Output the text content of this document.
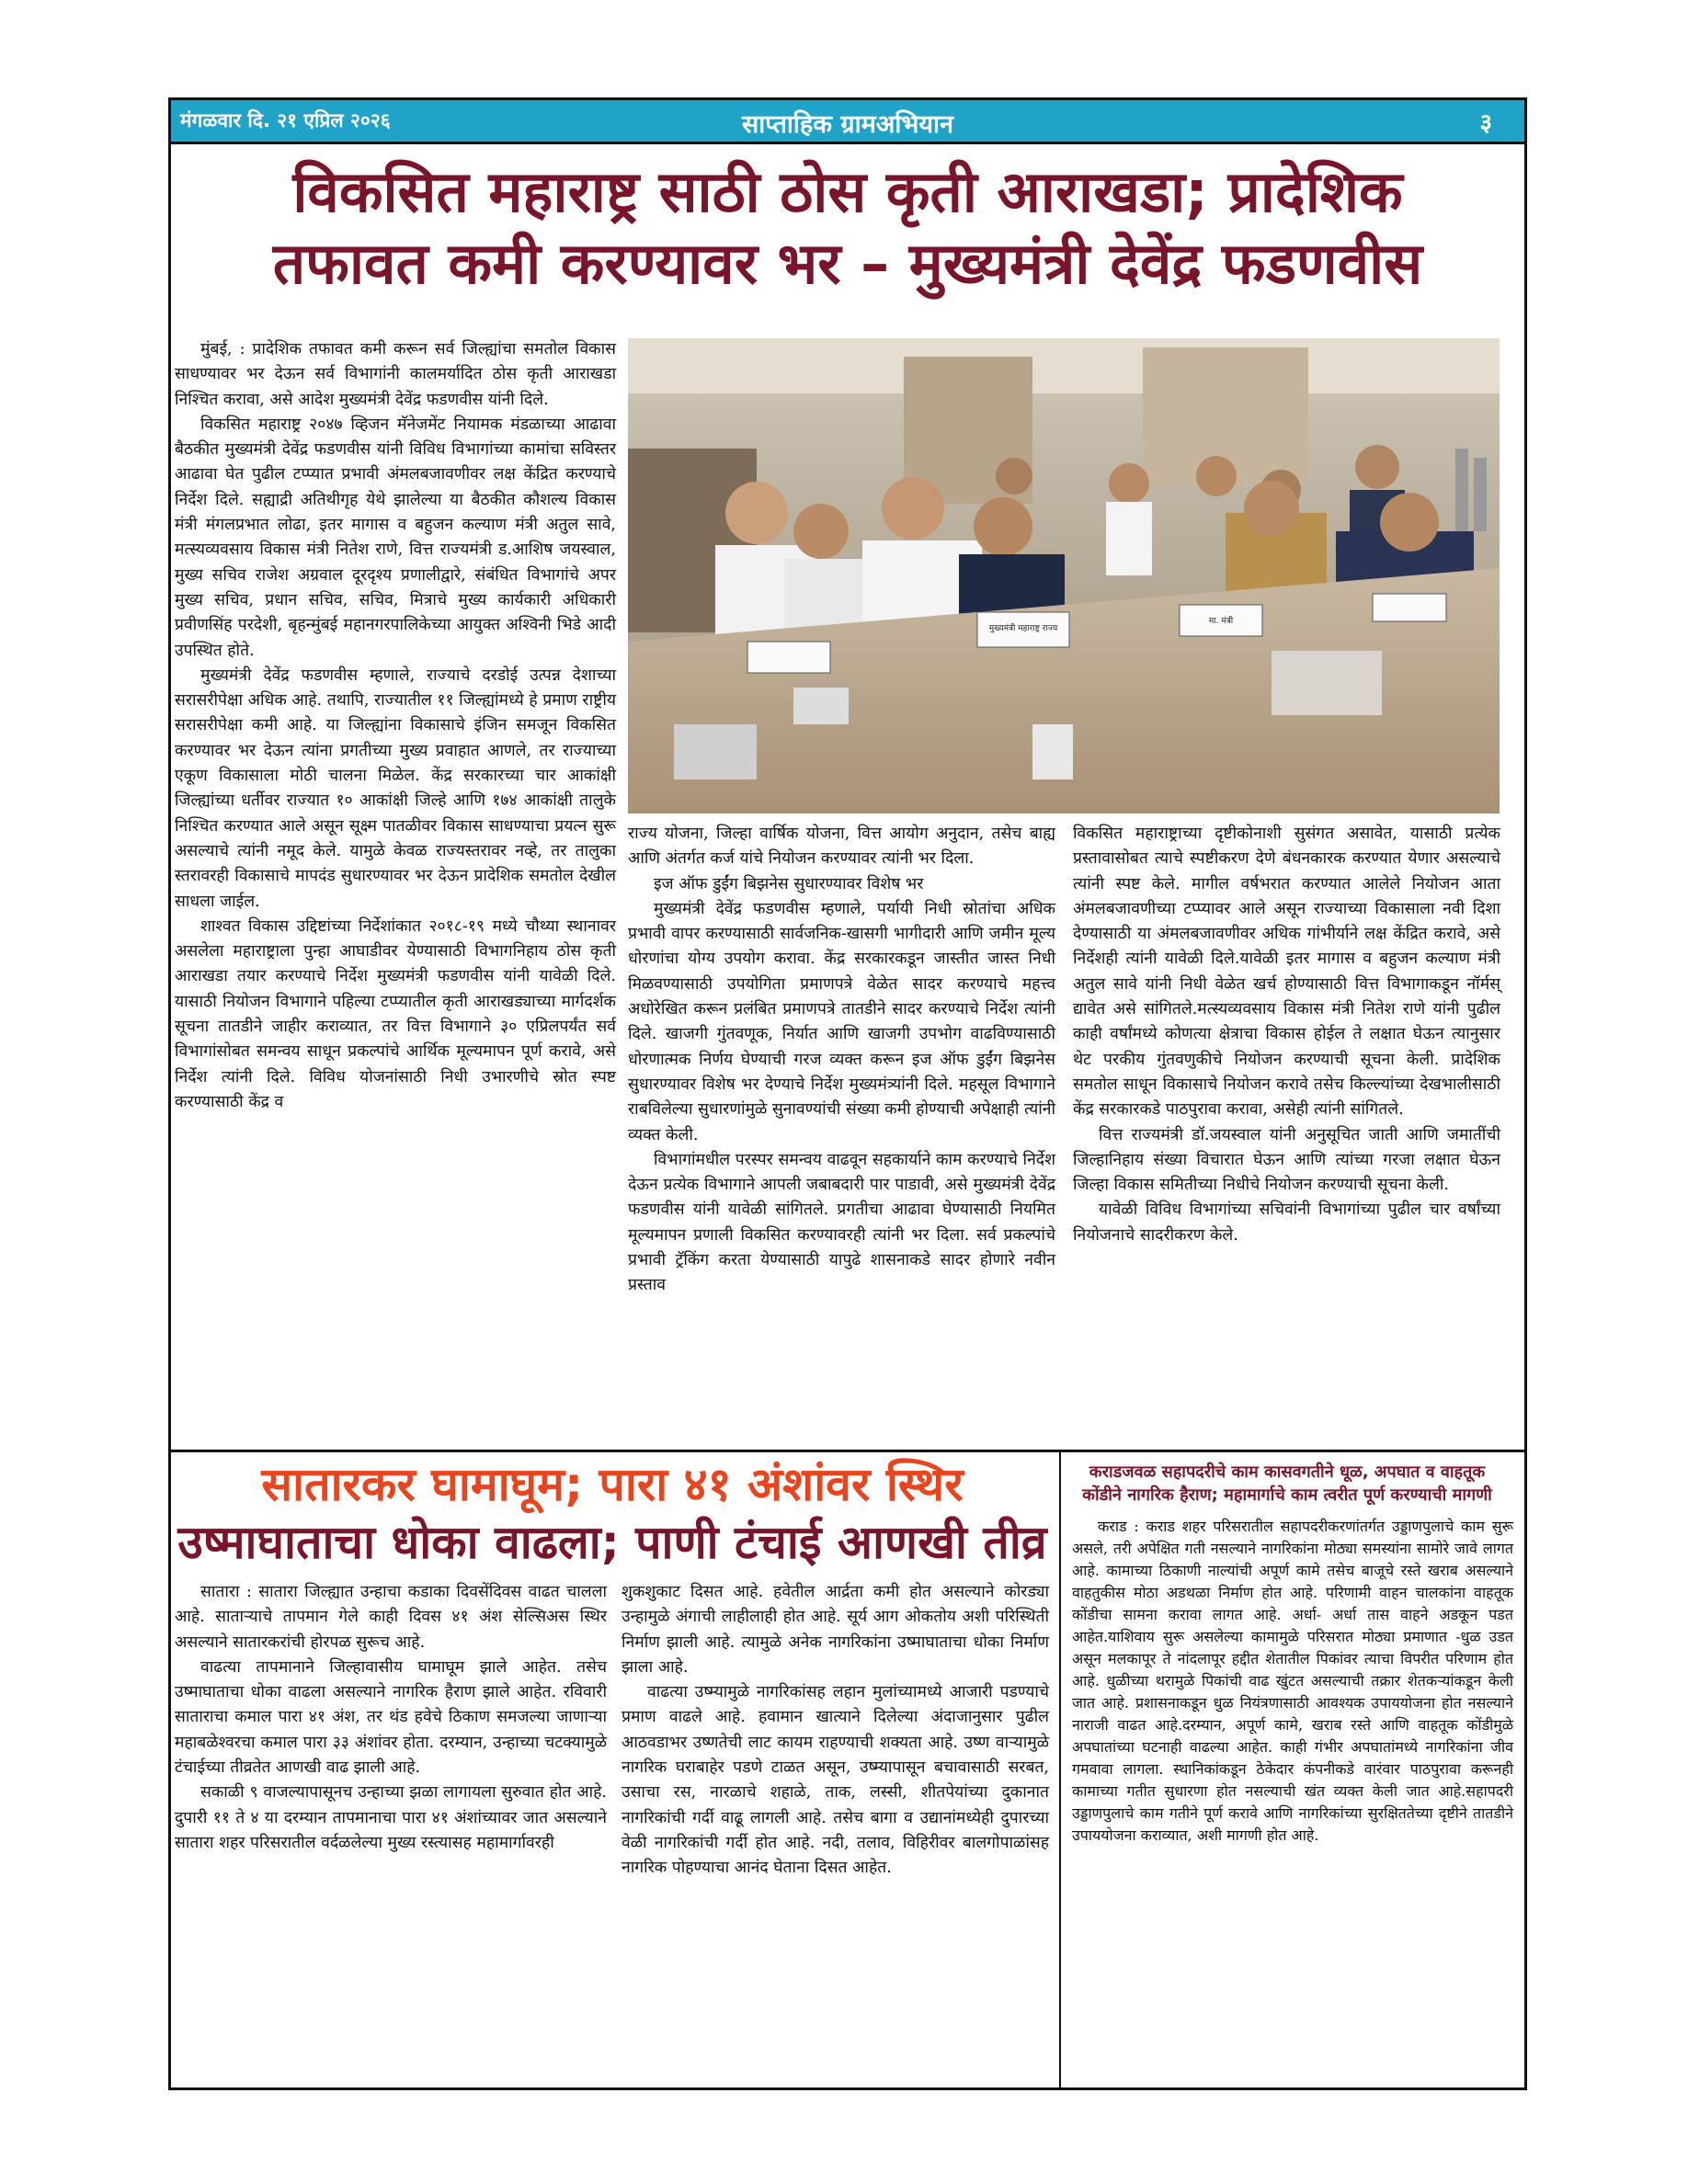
मंगळवार दि. २१ एप्रिल २०२६	साप्ताहिक ग्रामअभियान	३
विकसित महाराष्ट्र साठी ठोस कृती आराखडा; प्रादेशिक
तफावत कमी करण्यावर भर – मुख्यमंत्री देवेंद्र फडणवीस

मुंबई, : प्रादेशिक तफावत कमी करून सर्व जिल्ह्यांचा समतोल विकास साधण्यावर भर देऊन सर्व विभागांनी कालमर्यादित ठोस कृती आराखडा निश्चित करावा, असे आदेश मुख्यमंत्री देवेंद्र फडणवीस यांनी दिले.

विकसित महाराष्ट्र २०४७ व्हिजन मॅनेजमेंट नियामक मंडळाच्या आढावा बैठकीत मुख्यमंत्री देवेंद्र फडणवीस यांनी विविध विभागांच्या कामांचा सविस्तर आढावा घेत पुढील टप्प्यात प्रभावी अंमलबजावणीवर लक्ष केंद्रित करण्याचे निर्देश दिले. सह्याद्री अतिथीगृह येथे झालेल्या या बैठकीत कौशल्य विकास मंत्री मंगलप्रभात लोढा, इतर मागास व बहुजन कल्याण मंत्री अतुल सावे, मत्स्यव्यवसाय विकास मंत्री नितेश राणे, वित्त राज्यमंत्री ड.आशिष जयस्वाल, मुख्य सचिव राजेश अग्रवाल दूरदृश्य प्रणालीद्वारे, संबंधित विभागांचे अपर मुख्य सचिव, प्रधान सचिव, सचिव, मित्राचे मुख्य कार्यकारी अधिकारी प्रवीणसिंह परदेशी, बृहन्मुंबई महानगरपालिकेच्या आयुक्त अश्विनी भिडे आदी उपस्थित होते.

मुख्यमंत्री देवेंद्र फडणवीस म्हणाले, राज्याचे दरडोई उत्पन्न देशाच्या सरासरीपेक्षा अधिक आहे. तथापि, राज्यातील ११ जिल्ह्यांमध्ये हे प्रमाण राष्ट्रीय सरासरीपेक्षा कमी आहे. या जिल्ह्यांना विकासाचे इंजिन समजून विकसित करण्यावर भर देऊन त्यांना प्रगतीच्या मुख्य प्रवाहात आणले, तर राज्याच्या एकूण विकासाला मोठी चालना मिळेल. केंद्र सरकारच्या चार आकांक्षी जिल्ह्यांच्या धर्तीवर राज्यात १० आकांक्षी जिल्हे आणि १७४ आकांक्षी तालुके निश्चित करण्यात आले असून सूक्ष्म पातळीवर विकास साधण्याचा प्रयत्न सुरू असल्याचे त्यांनी नमूद केले. यामुळे केवळ राज्यस्तरावर नव्हे, तर तालुका स्तरावरही विकासाचे मापदंड सुधारण्यावर भर देऊन प्रादेशिक समतोल देखील साधला जाईल.

शाश्वत विकास उद्दिष्टांच्या निर्देशांकात २०१८-१९ मध्ये चौथ्या स्थानावर असलेला महाराष्ट्राला पुन्हा आघाडीवर येण्यासाठी विभागनिहाय ठोस कृती आराखडा तयार करण्याचे निर्देश मुख्यमंत्री फडणवीस यांनी यावेळी दिले. यासाठी नियोजन विभागाने पहिल्या टप्प्यातील कृती आराखड्याच्या मार्गदर्शक सूचना तातडीने जाहीर कराव्यात, तर वित्त विभागाने ३० एप्रिलपर्यंत सर्व विभागांसोबत समन्वय साधून प्रकल्पांचे आर्थिक मूल्यमापन पूर्ण करावे, असे निर्देश त्यांनी दिले. विविध योजनांसाठी निधी उभारणीचे स्रोत स्पष्ट करण्यासाठी केंद्र व

मुख्यमंत्री महाराष्ट्र राज्य
मा. मंत्री

राज्य योजना, जिल्हा वार्षिक योजना, वित्त आयोग अनुदान, तसेच बाह्य आणि अंतर्गत कर्ज यांचे नियोजन करण्यावर त्यांनी भर दिला.

इज ऑफ डुईंग बिझनेस सुधारण्यावर विशेष भर

मुख्यमंत्री देवेंद्र फडणवीस म्हणाले, पर्यायी निधी स्रोतांचा अधिक प्रभावी वापर करण्यासाठी सार्वजनिक-खासगी भागीदारी आणि जमीन मूल्य धोरणांचा योग्य उपयोग करावा. केंद्र सरकारकडून जास्तीत जास्त निधी मिळवण्यासाठी उपयोगिता प्रमाणपत्रे वेळेत सादर करण्याचे महत्त्व अधोरेखित करून प्रलंबित प्रमाणपत्रे तातडीने सादर करण्याचे निर्देश त्यांनी दिले. खाजगी गुंतवणूक, निर्यात आणि खाजगी उपभोग वाढविण्यासाठी धोरणात्मक निर्णय घेण्याची गरज व्यक्त करून इज ऑफ डुईंग बिझनेस सुधारण्यावर विशेष भर देण्याचे निर्देश मुख्यमंत्र्यांनी दिले. महसूल विभागाने राबविलेल्या सुधारणांमुळे सुनावण्यांची संख्या कमी होण्याची अपेक्षाही त्यांनी व्यक्त केली.

विभागांमधील परस्पर समन्वय वाढवून सहकार्याने काम करण्याचे निर्देश देऊन प्रत्येक विभागाने आपली जबाबदारी पार पाडावी, असे मुख्यमंत्री देवेंद्र फडणवीस यांनी यावेळी सांगितले. प्रगतीचा आढावा घेण्यासाठी नियमित मूल्यमापन प्रणाली विकसित करण्यावरही त्यांनी भर दिला. सर्व प्रकल्पांचे प्रभावी ट्रॅकिंग करता येण्यासाठी यापुढे शासनाकडे सादर होणारे नवीन प्रस्ताव

विकसित महाराष्ट्राच्या दृष्टीकोनाशी सुसंगत असावेत, यासाठी प्रत्येक प्रस्तावासोबत त्याचे स्पष्टीकरण देणे बंधनकारक करण्यात येणार असल्याचे त्यांनी स्पष्ट केले. मागील वर्षभरात करण्यात आलेले नियोजन आता अंमलबजावणीच्या टप्प्यावर आले असून राज्याच्या विकासाला नवी दिशा देण्यासाठी या अंमलबजावणीवर अधिक गांभीर्याने लक्ष केंद्रित करावे, असे निर्देशही त्यांनी यावेळी दिले.यावेळी इतर मागास व बहुजन कल्याण मंत्री अतुल सावे यांनी निधी वेळेत खर्च होण्यासाठी वित्त विभागाकडून नॉर्मस् द्यावेत असे सांगितले.मत्स्यव्यवसाय विकास मंत्री नितेश राणे यांनी पुढील काही वर्षांमध्ये कोणत्या क्षेत्राचा विकास होईल ते लक्षात घेऊन त्यानुसार थेट परकीय गुंतवणुकीचे नियोजन करण्याची सूचना केली. प्रादेशिक समतोल साधून विकासाचे नियोजन करावे तसेच किल्ल्यांच्या देखभालीसाठी केंद्र सरकारकडे पाठपुरावा करावा, असेही त्यांनी सांगितले.

वित्त राज्यमंत्री डॉ.जयस्वाल यांनी अनुसूचित जाती आणि जमातींची जिल्हानिहाय संख्या विचारात घेऊन आणि त्यांच्या गरजा लक्षात घेऊन जिल्हा विकास समितीच्या निधीचे नियोजन करण्याची सूचना केली.

यावेळी विविध विभागांच्या सचिवांनी विभागांच्या पुढील चार वर्षांच्या नियोजनाचे सादरीकरण केले.

सातारकर घामाघूम; पारा ४१ अंशांवर स्थिर
उष्माघाताचा धोका वाढला; पाणी टंचाई आणखी तीव्र

सातारा : सातारा जिल्ह्यात उन्हाचा कडाका दिवसेंदिवस वाढत चालला आहे. साताऱ्याचे तापमान गेले काही दिवस ४१ अंश सेल्सिअस स्थिर असल्याने सातारकरांची होरपळ सुरूच आहे.

वाढत्या तापमानाने जिल्हावासीय घामाघूम झाले आहेत. तसेच उष्माघाताचा धोका वाढला असल्याने नागरिक हैराण झाले आहेत. रविवारी साताराचा कमाल पारा ४१ अंश, तर थंड हवेचे ठिकाण समजल्या जाणाऱ्या महाबळेश्वरचा कमाल पारा ३३ अंशांवर होता. दरम्यान, उन्हाच्या चटक्यामुळे टंचाईच्या तीव्रतेत आणखी वाढ झाली आहे.

सकाळी ९ वाजल्यापासूनच उन्हाच्या झळा लागायला सुरुवात होत आहे. दुपारी ११ ते ४ या दरम्यान तापमानाचा पारा ४१ अंशांच्यावर जात असल्याने सातारा शहर परिसरातील वर्दळलेल्या मुख्य रस्त्यासह महामार्गावरही

शुकशुकाट दिसत आहे. हवेतील आर्द्रता कमी होत असल्याने कोरड्या उन्हामुळे अंगाची लाहीलाही होत आहे. सूर्य आग ओकतोय अशी परिस्थिती निर्माण झाली आहे. त्यामुळे अनेक नागरिकांना उष्माघाताचा धोका निर्माण झाला आहे.

वाढत्या उष्म्यामुळे नागरिकांसह लहान मुलांच्यामध्ये आजारी पडण्याचे प्रमाण वाढले आहे. हवामान खात्याने दिलेल्या अंदाजानुसार पुढील आठवडाभर उष्णतेची लाट कायम राहण्याची शक्यता आहे. उष्ण वाऱ्यामुळे नागरिक घराबाहेर पडणे टाळत असून, उष्म्यापासून बचावासाठी सरबत, उसाचा रस, नारळाचे शहाळे, ताक, लस्सी, शीतपेयांच्या दुकानात नागरिकांची गर्दी वाढू लागली आहे. तसेच बागा व उद्यानांमध्येही दुपारच्या वेळी नागरिकांची गर्दी होत आहे. नदी, तलाव, विहिरीवर बालगोपाळांसह नागरिक पोहण्याचा आनंद घेताना दिसत आहेत.

कराडजवळ सहापदरीचे काम कासवगतीने धूळ, अपघात व वाहतूक कोंडीने नागरिक हैराण; महामार्गाचे काम त्वरीत पूर्ण करण्याची मागणी

कराड : कराड शहर परिसरातील सहापदरीकरणांतर्गत उड्डाणपुलाचे काम सुरू असले, तरी अपेक्षित गती नसल्याने नागरिकांना मोठ्या समस्यांना सामोरे जावे लागत आहे. कामाच्या ठिकाणी नाल्यांची अपूर्ण कामे तसेच बाजूचे रस्ते खराब असल्याने वाहतुकीस मोठा अडथळा निर्माण होत आहे. परिणामी वाहन चालकांना वाहतूक कोंडीचा सामना करावा लागत आहे. अर्धा- अर्धा तास वाहने अडकून पडत आहेत.याशिवाय सुरू असलेल्या कामामुळे परिसरात मोठ्या प्रमाणात -धुळ उडत असून मलकापूर ते नांदलापूर हद्दीत शेतातील पिकांवर त्याचा विपरीत परिणाम होत आहे. धुळीच्या थरामुळे पिकांची वाढ खुंटत असल्याची तक्रार शेतकऱ्यांकडून केली जात आहे. प्रशासनाकडून धुळ नियंत्रणासाठी आवश्यक उपाययोजना होत नसल्याने नाराजी वाढत आहे.दरम्यान, अपूर्ण कामे, खराब रस्ते आणि वाहतूक कोंडीमुळे अपघातांच्या घटनाही वाढल्या आहेत. काही गंभीर अपघातांमध्ये नागरिकांना जीव गमवावा लागला. स्थानिकांकडून ठेकेदार कंपनीकडे वारंवार पाठपुरावा करूनही कामाच्या गतीत सुधारणा होत नसल्याची खंत व्यक्त केली जात आहे.सहापदरी उड्डाणपुलाचे काम गतीने पूर्ण करावे आणि नागरिकांच्या सुरक्षिततेच्या दृष्टीने तातडीने उपाययोजना कराव्यात, अशी मागणी होत आहे.
